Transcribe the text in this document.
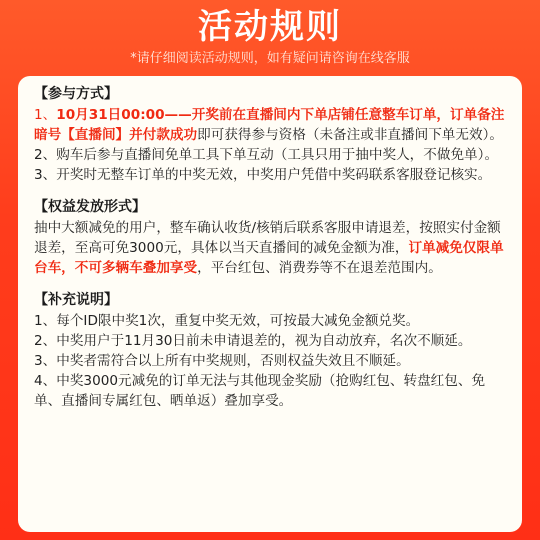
活动规则
*请仔细阅读活动规则，如有疑问请咨询在线客服
【参与方式】

1、10月31日00:00——开奖前在直播间内下单店铺任意整车订单，订单备注暗号【直播间】并付款成功即可获得参与资格（未备注或非直播间下单无效）。

2、购车后参与直播间免单工具下单互动（工具只用于抽中奖人，不做免单）。

3、开奖时无整车订单的中奖无效，中奖用户凭借中奖码联系客服登记核实。

【权益发放形式】

抽中大额减免的用户，整车确认收货/核销后联系客服申请退差，按照实付金额退差，至高可免3000元，具体以当天直播间的减免金额为准，订单减免仅限单台车，不可多辆车叠加享受，平台红包、消费券等不在退差范围内。

【补充说明】

1、每个ID限中奖1次，重复中奖无效，可按最大减免金额兑奖。

2、中奖用户于11月30日前未申请退差的，视为自动放弃，名次不顺延。

3、中奖者需符合以上所有中奖规则，否则权益失效且不顺延。

4、中奖3000元减免的订单无法与其他现金奖励（抢购红包、转盘红包、免单、直播间专属红包、晒单返）叠加享受。
